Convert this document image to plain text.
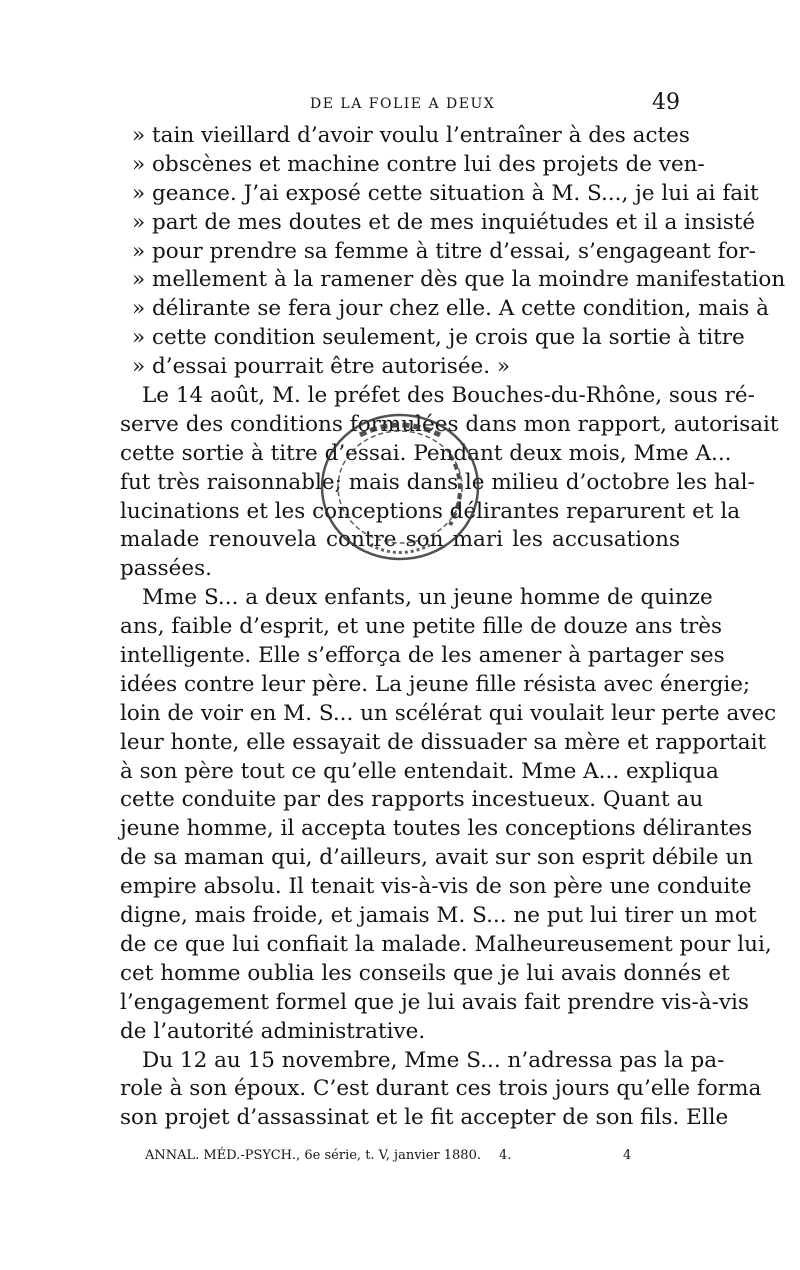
DE LA FOLIE A DEUX	49
» tain vieillard d’avoir voulu l’entraîner à des actes
» obscènes et machine contre lui des projets de ven-
» geance. J’ai exposé cette situation à M. S..., je lui ai fait
» part de mes doutes et de mes inquiétudes et il a insisté
» pour prendre sa femme à titre d’essai, s’engageant for-
» mellement à la ramener dès que la moindre manifestation
» délirante se fera jour chez elle. A cette condition, mais à
» cette condition seulement, je crois que la sortie à titre
» d’essai pourrait être autorisée. »
Le 14 août, M. le préfet des Bouches-du-Rhône, sous ré-
serve des conditions formulées dans mon rapport, autorisait
cette sortie à titre d’essai. Pendant deux mois, Mme A...
fut très raisonnable; mais dans le milieu d’octobre les hal-
lucinations et les conceptions délirantes reparurent et la
malade renouvela contre son mari les accusations
passées.
Mme S... a deux enfants, un jeune homme de quinze
ans, faible d’esprit, et une petite fille de douze ans très
intelligente. Elle s’efforça de les amener à partager ses
idées contre leur père. La jeune fille résista avec énergie;
loin de voir en M. S... un scélérat qui voulait leur perte avec
leur honte, elle essayait de dissuader sa mère et rapportait
à son père tout ce qu’elle entendait. Mme A... expliqua
cette conduite par des rapports incestueux. Quant au
jeune homme, il accepta toutes les conceptions délirantes
de sa maman qui, d’ailleurs, avait sur son esprit débile un
empire absolu. Il tenait vis-à-vis de son père une conduite
digne, mais froide, et jamais M. S... ne put lui tirer un mot
de ce que lui confiait la malade. Malheureusement pour lui,
cet homme oublia les conseils que je lui avais donnés et
l’engagement formel que je lui avais fait prendre vis-à-vis
de l’autorité administrative.
Du 12 au 15 novembre, Mme S... n’adressa pas la pa-
role à son époux. C’est durant ces trois jours qu’elle forma
son projet d’assassinat et le fit accepter de son fils. Elle
ANNAL. MÉD.-PSYCH., 6e série, t. V, janvier 1880. 4.	4
